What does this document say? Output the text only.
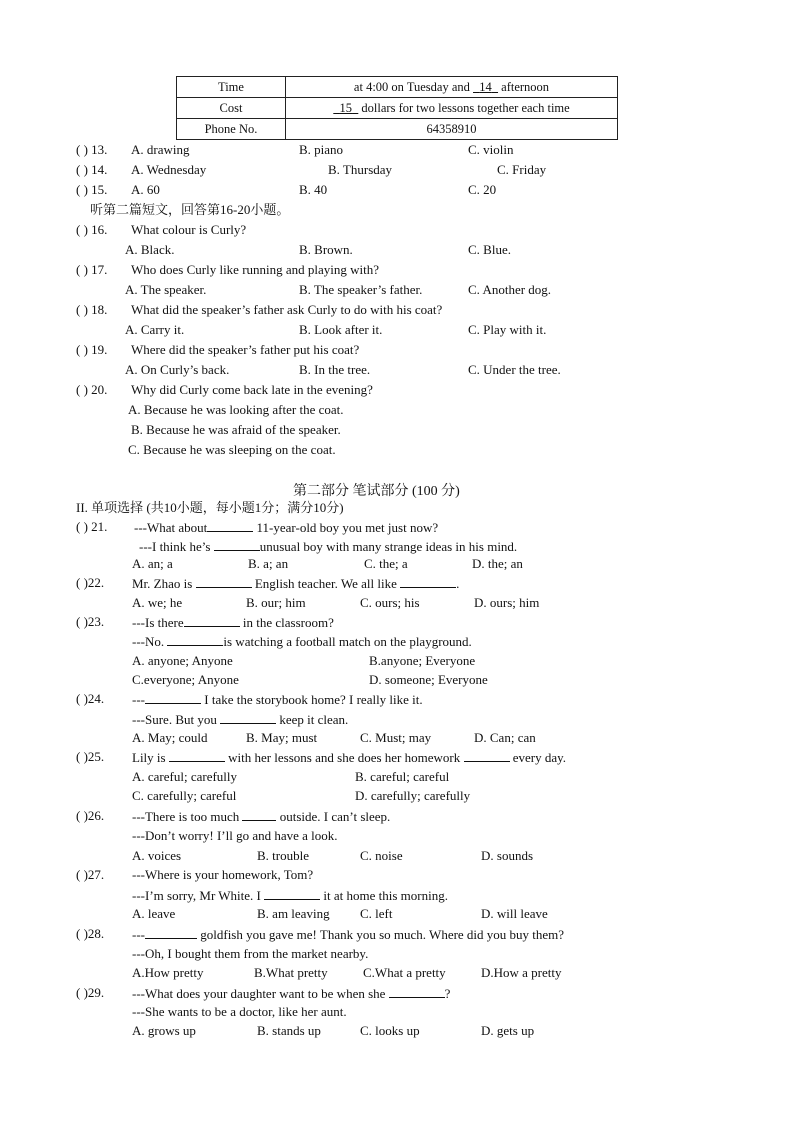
Time	at 4:00 on Tuesday and   14   afternoon
Cost	15   dollars for two lessons together each time
Phone No.	64358910
( ) 13. A. drawing	B. piano	C. violin
( ) 14. A. Wednesday	B. Thursday	C. Friday
( ) 15. A. 60	B. 40	C. 20
听第二篇短文，回答第16-20小题。
( ) 16. What colour is Curly?
A. Black.	B. Brown.	C. Blue.
( ) 17. Who does Curly like running and playing with?
A. The speaker.	B. The speaker’s father.	C. Another dog.
( ) 18. What did the speaker’s father ask Curly to do with his coat?
A. Carry it.	B. Look after it.	C. Play with it.
( ) 19. Where did the speaker’s father put his coat?
A. On Curly’s back.	B. In the tree.	C. Under the tree.
( ) 20. Why did Curly come back late in the evening?
A. Because he was looking after the coat.
B. Because he was afraid of the speaker.
C. Because he was sleeping on the coat.
第二部分 笔试部分 (100 分)
II. 单项选择 (共10小题，每小题1分；满分10分)
( ) 21. ---What about	11-year-old boy you met just now?
---I think he’s	unusual boy with many strange ideas in his mind.
A. an; a	B. a; an	C. the; a	D. the; an
( )22. Mr. Zhao is	English teacher. We all like	.
A. we; he	B. our; him	C. ours; his	D. ours; him
( )23. ---Is there	in the classroom?
---No.	is watching a football match on the playground.
A. anyone; Anyone	B.anyone; Everyone
C.everyone; Anyone	D. someone; Everyone
( )24. ---	I take the storybook home? I really like it.
---Sure. But you	keep it clean.
A. May; could	B. May; must	C. Must; may	D. Can; can
( )25. Lily is	with her lessons and she does her homework	every day.
A. careful; carefully	B. careful; careful
C. carefully; careful	D. carefully; carefully
( )26. ---There is too much	outside. I can’t sleep.
---Don’t worry! I’ll go and have a look.
A. voices	B. trouble	C. noise	D. sounds
( )27. ---Where is your homework, Tom?
---I’m sorry, Mr White. I	it at home this morning.
A. leave	B. am leaving C. left	D. will leave
( )28. ---	goldfish you gave me! Thank you so much. Where did you buy them?
---Oh, I bought them from the market nearby.
A.How pretty	B.What pretty	C.What a pretty	D.How a pretty
( )29. ---What does your daughter want to be when she	?
---She wants to be a doctor, like her aunt.
A. grows up	B. stands up	C. looks up	D. gets up
